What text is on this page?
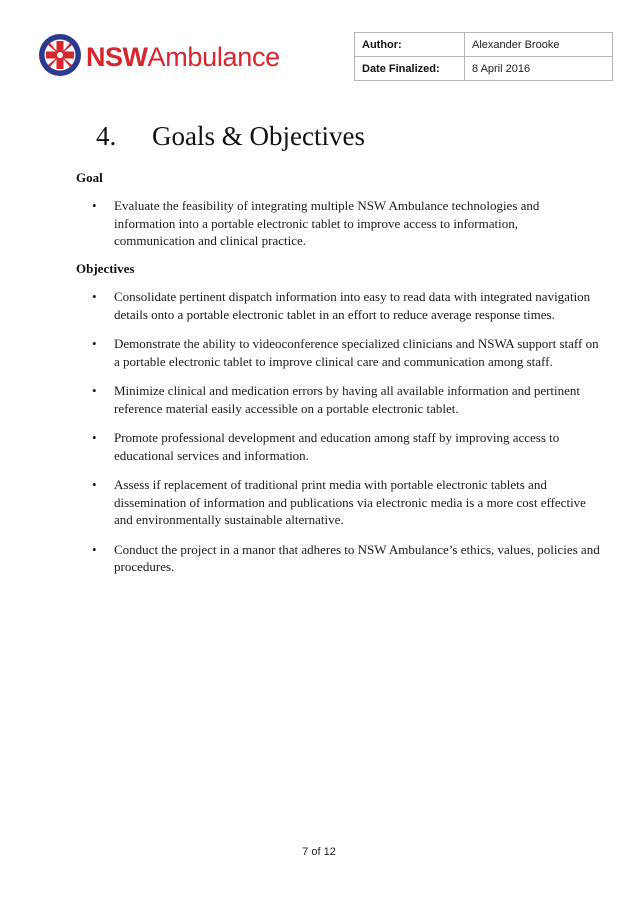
NSWAmbulance	Author:	Alexander Brooke
Date Finalized:	8 April 2016
4. Goals & Objectives
Goal
• Evaluate the feasibility of integrating multiple NSW Ambulance technologies and information into a portable electronic tablet to improve access to information, communication and clinical practice.
Objectives
• Consolidate pertinent dispatch information into easy to read data with integrated navigation details onto a portable electronic tablet in an effort to reduce average response times.
• Demonstrate the ability to videoconference specialized clinicians and NSWA support staff on a portable electronic tablet to improve clinical care and communication among staff.
• Minimize clinical and medication errors by having all available information and pertinent reference material easily accessible on a portable electronic tablet.
• Promote professional development and education among staff by improving access to educational services and information.
• Assess if replacement of traditional print media with portable electronic tablets and dissemination of information and publications via electronic media is a more cost effective and environmentally sustainable alternative.
• Conduct the project in a manor that adheres to NSW Ambulance’s ethics, values, policies and procedures.
7 of 12
